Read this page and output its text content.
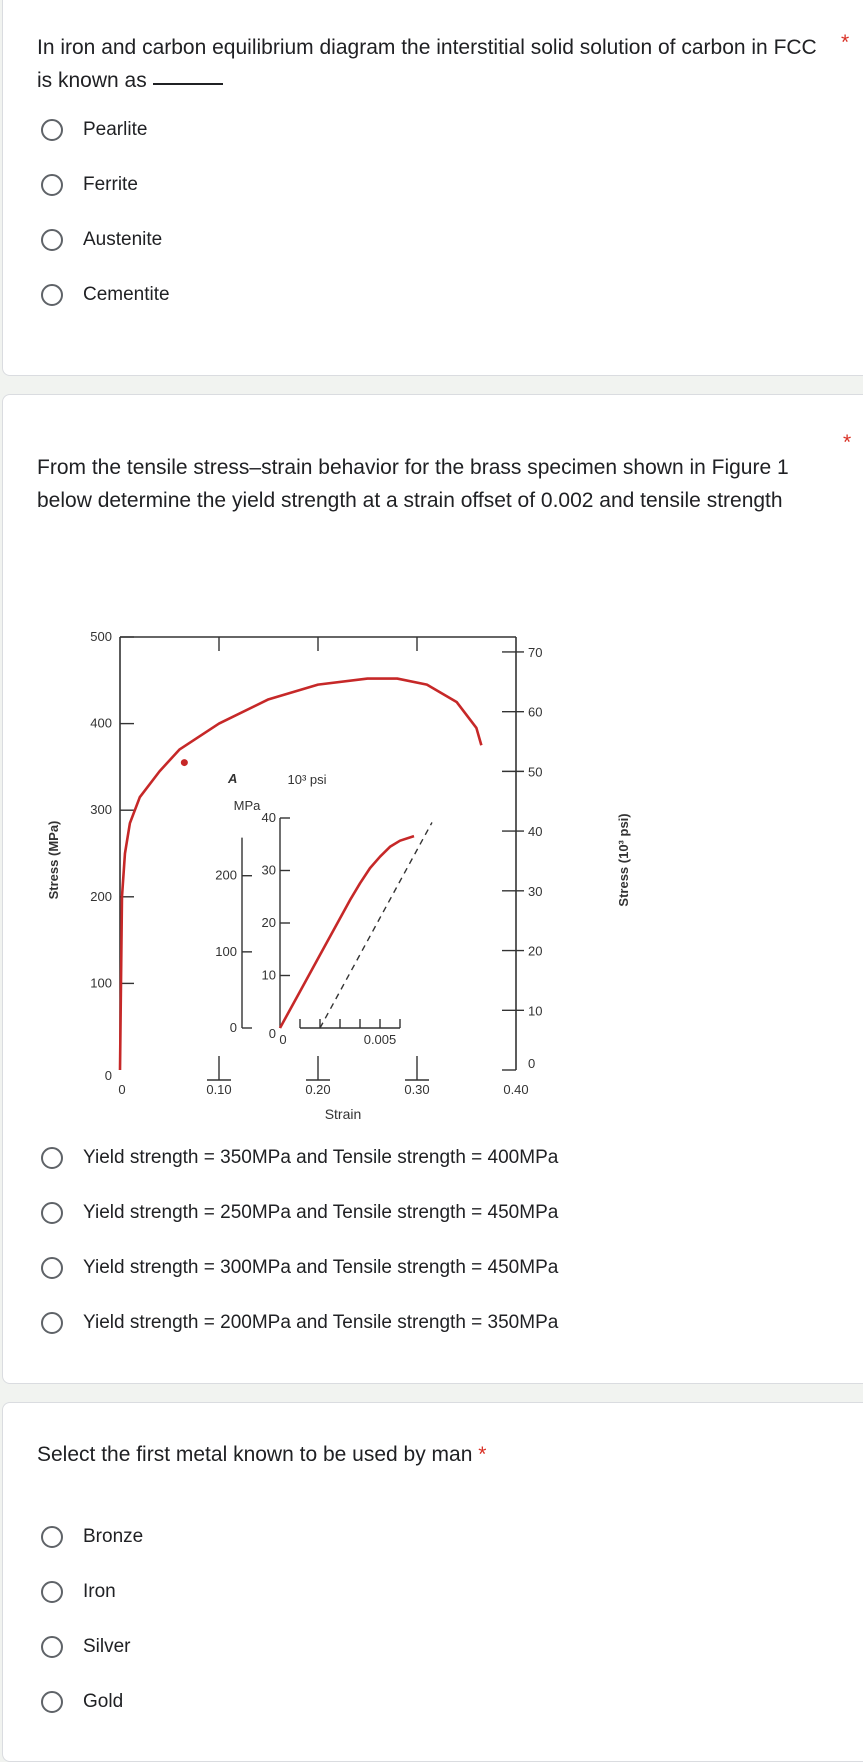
In iron and carbon equilibrium diagram the interstitial solid solution of carbon in FCC is known as
*
Pearlite
Ferrite
Austenite
Cementite
From the tensile stress–strain behavior for the brass specimen shown in Figure 1 below determine the yield strength at a strain offset of 0.002 and tensile strength
*
Yield strength = 350MPa and Tensile strength = 400MPa
Yield strength = 250MPa and Tensile strength = 450MPa
Yield strength = 300MPa and Tensile strength = 450MPa
Yield strength = 200MPa and Tensile strength = 350MPa
0	0.10	0.20	0.30	0.40
0
100
200
300
400
500
0
10
20
30
40
50
60
70
0
10
20
30
40
0
100
200
0	0.005
Stress (MPa)	Stress (10³ psi)
Strain
A
MPa
10³ psi
Select the first metal known to be used by man *
Bronze
Iron
Silver
Gold
